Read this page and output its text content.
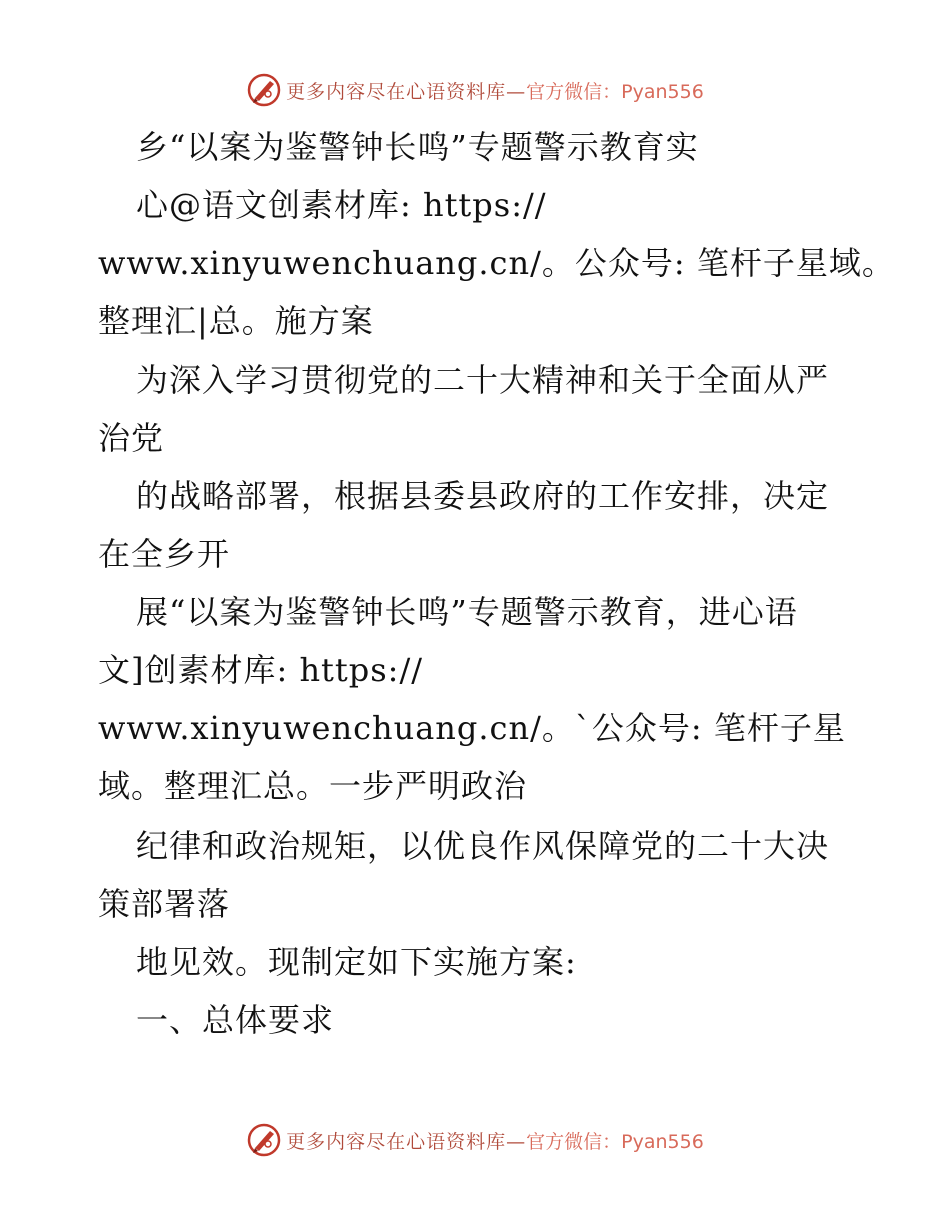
更多内容尽在心语资料库— 官方微信：Pyan556
乡“以案为鉴警钟长鸣”专题警示教育实
心@语文创素材库: https://
www.xinyuwenchuang.cn/。公众号: 笔杆子星域。
整理汇|总。施方案
为深入学习贯彻党的二十大精神和关于全面从严
治党
的战略部署，根据县委县政府的工作安排，决定
在全乡开
展“以案为鉴警钟长鸣”专题警示教育，进心语
文]创素材库: https://
www.xinyuwenchuang.cn/。`公众号: 笔杆子星
域。整理汇总。一步严明政治
纪律和政治规矩，以优良作风保障党的二十大决
策部署落
地见效。现制定如下实施方案:
一、总体要求
更多内容尽在心语资料库— 官方微信：Pyan556
